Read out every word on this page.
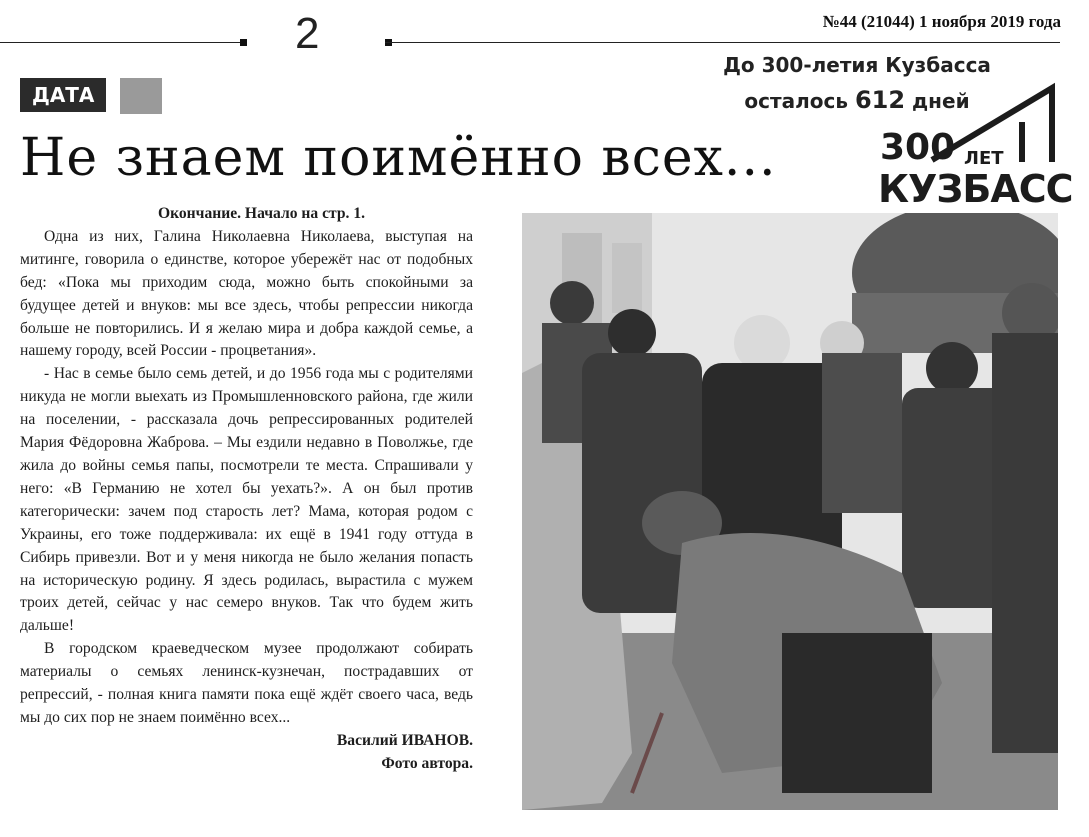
2	№44 (21044) 1 ноября 2019 года
ДАТА
До 300-летия Кузбасса
осталось 612 дней
300 ЛЕТ
КУЗБАСС
Не знаем поимённо всех...

Окончание. Начало на стр. 1.

Одна из них, Галина Николаевна Николаева, выступая на митинге, говорила о единстве, которое убережёт нас от подобных бед: «Пока мы приходим сюда, можно быть спокойными за будущее детей и внуков: мы все здесь, чтобы репрессии никогда больше не повторились. И я желаю мира и добра каждой семье, а нашему городу, всей России - процветания».

- Нас в семье было семь детей, и до 1956 года мы с родителями никуда не могли выехать из Промышленновского района, где жили на поселении, - рассказала дочь репрессированных родителей Мария Фёдоровна Жаброва. – Мы ездили недавно в Поволжье, где жила до войны семья папы, посмотрели те места. Спрашивали у него: «В Германию не хотел бы уехать?». А он был против категорически: зачем под старость лет? Мама, которая родом с Украины, его тоже поддерживала: их ещё в 1941 году оттуда в Сибирь привезли. Вот и у меня никогда не было желания попасть на историческую родину. Я здесь родилась, вырастила с мужем троих детей, сейчас у нас семеро внуков. Так что будем жить дальше!

В городском краеведческом музее продолжают собирать материалы о семьях ленинск-кузнечан, пострадавших от репрессий, - полная книга памяти пока ещё ждёт своего часа, ведь мы до сих пор не знаем поимённо всех...

Василий ИВАНОВ.

Фото автора.
